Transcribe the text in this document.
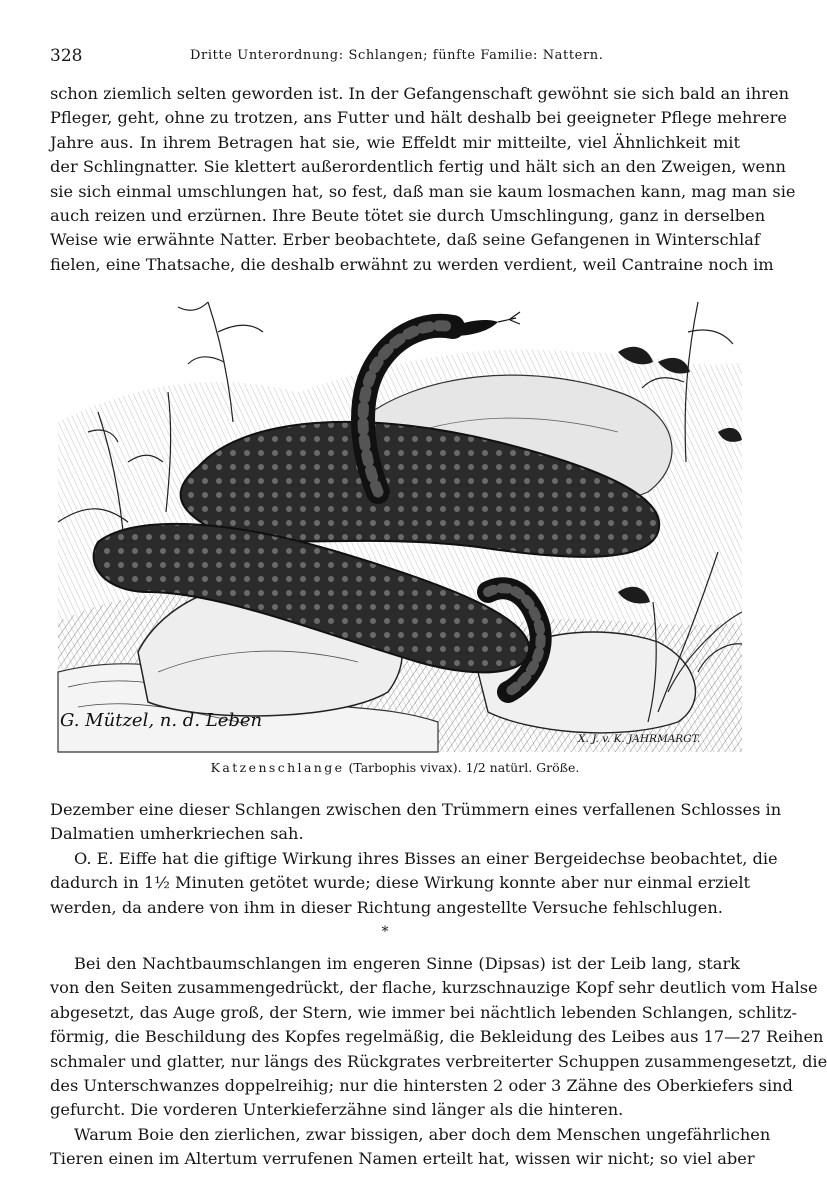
328	Dritte Unterordnung: Schlangen; fünfte Familie: Nattern.
schon ziemlich selten geworden ist. In der Gefangenschaft gewöhnt sie sich bald an ihren
Pfleger, geht, ohne zu trotzen, ans Futter und hält deshalb bei geeigneter Pflege mehrere
Jahre aus. In ihrem Betragen hat sie, wie Effeldt mir mitteilte, viel Ähnlichkeit mit
der Schlingnatter. Sie klettert außerordentlich fertig und hält sich an den Zweigen, wenn
sie sich einmal umschlungen hat, so fest, daß man sie kaum losmachen kann, mag man sie
auch reizen und erzürnen. Ihre Beute tötet sie durch Umschlingung, ganz in derselben
Weise wie erwähnte Natter. Erber beobachtete, daß seine Gefangenen in Winterschlaf
fielen, eine Thatsache, die deshalb erwähnt zu werden verdient, weil Cantraine noch im
G. Mützel, n. d. Leben
X. J. v. K. JAHRMARGT.
Katzenschlange (Tarbophis vivax). 1/2 natürl. Größe.
Dezember eine dieser Schlangen zwischen den Trümmern eines verfallenen Schlosses in
Dalmatien umherkriechen sah.
O. E. Eiffe hat die giftige Wirkung ihres Bisses an einer Bergeidechse beobachtet, die
dadurch in 1½ Minuten getötet wurde; diese Wirkung konnte aber nur einmal erzielt
werden, da andere von ihm in dieser Richtung angestellte Versuche fehlschlugen.
*
Bei den Nachtbaumschlangen im engeren Sinne (Dipsas) ist der Leib lang, stark
von den Seiten zusammengedrückt, der flache, kurzschnauzige Kopf sehr deutlich vom Halse
abgesetzt, das Auge groß, der Stern, wie immer bei nächtlich lebenden Schlangen, schlitz-
förmig, die Beschildung des Kopfes regelmäßig, die Bekleidung des Leibes aus 17—27 Reihen
schmaler und glatter, nur längs des Rückgrates verbreiterter Schuppen zusammengesetzt, die
des Unterschwanzes doppelreihig; nur die hintersten 2 oder 3 Zähne des Oberkiefers sind
gefurcht. Die vorderen Unterkieferzähne sind länger als die hinteren.
Warum Boie den zierlichen, zwar bissigen, aber doch dem Menschen ungefährlichen
Tieren einen im Altertum verrufenen Namen erteilt hat, wissen wir nicht; so viel aber
